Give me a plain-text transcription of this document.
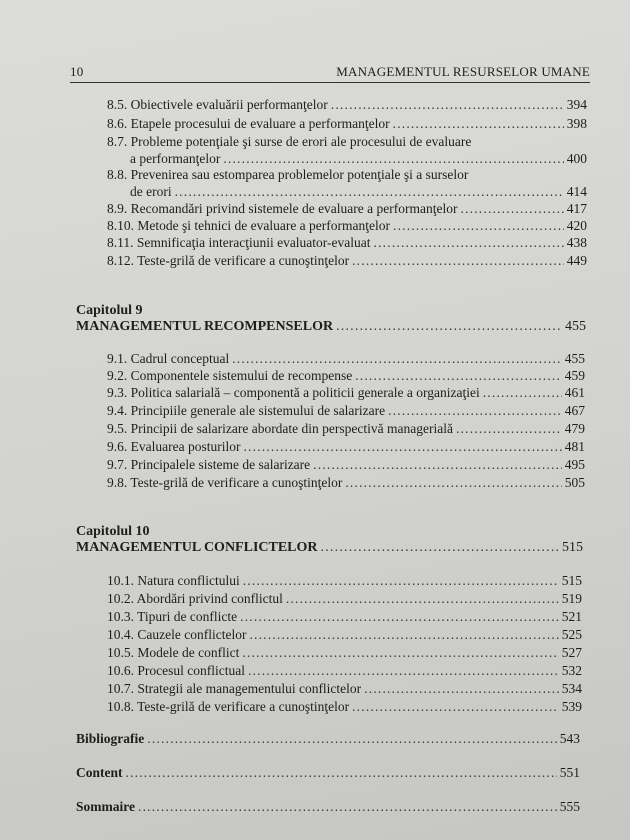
10	MANAGEMENTUL RESURSELOR UMANE
8.5. Obiectivele evaluării performanţelor .....	394
8.6. Etapele procesului de evaluare a performanţelor .....	398
8.7. Probleme potenţiale şi surse de erori ale procesului de evaluare
a performanţelor .....	400
8.8. Prevenirea sau estomparea problemelor potenţiale şi a surselor
de erori .....	414
8.9. Recomandări privind sistemele de evaluare a performanţelor .....	417
8.10. Metode şi tehnici de evaluare a performanţelor .....	420
8.11. Semnificaţia interacţiunii evaluator-evaluat .....	438
8.12. Teste-grilă de verificare a cunoştinţelor .....	449
Capitolul 9
MANAGEMENTUL RECOMPENSELOR .....	455
9.1. Cadrul conceptual .....	455
9.2. Componentele sistemului de recompense .....	459
9.3. Politica salarială – componentă a politicii generale a organizaţiei .....	461
9.4. Principiile generale ale sistemului de salarizare .....	467
9.5. Principii de salarizare abordate din perspectivă managerială .....	479
9.6. Evaluarea posturilor .....	481
9.7. Principalele sisteme de salarizare .....	495
9.8. Teste-grilă de verificare a cunoştinţelor .....	505
Capitolul 10
MANAGEMENTUL CONFLICTELOR .....	515
10.1. Natura conflictului .....	515
10.2. Abordări privind conflictul .....	519
10.3. Tipuri de conflicte .....	521
10.4. Cauzele conflictelor .....	525
10.5. Modele de conflict .....	527
10.6. Procesul conflictual .....	532
10.7. Strategii ale managementului conflictelor .....	534
10.8. Teste-grilă de verificare a cunoştinţelor .....	539
Bibliografie .....	543
Content .....	551
Sommaire .....	555
